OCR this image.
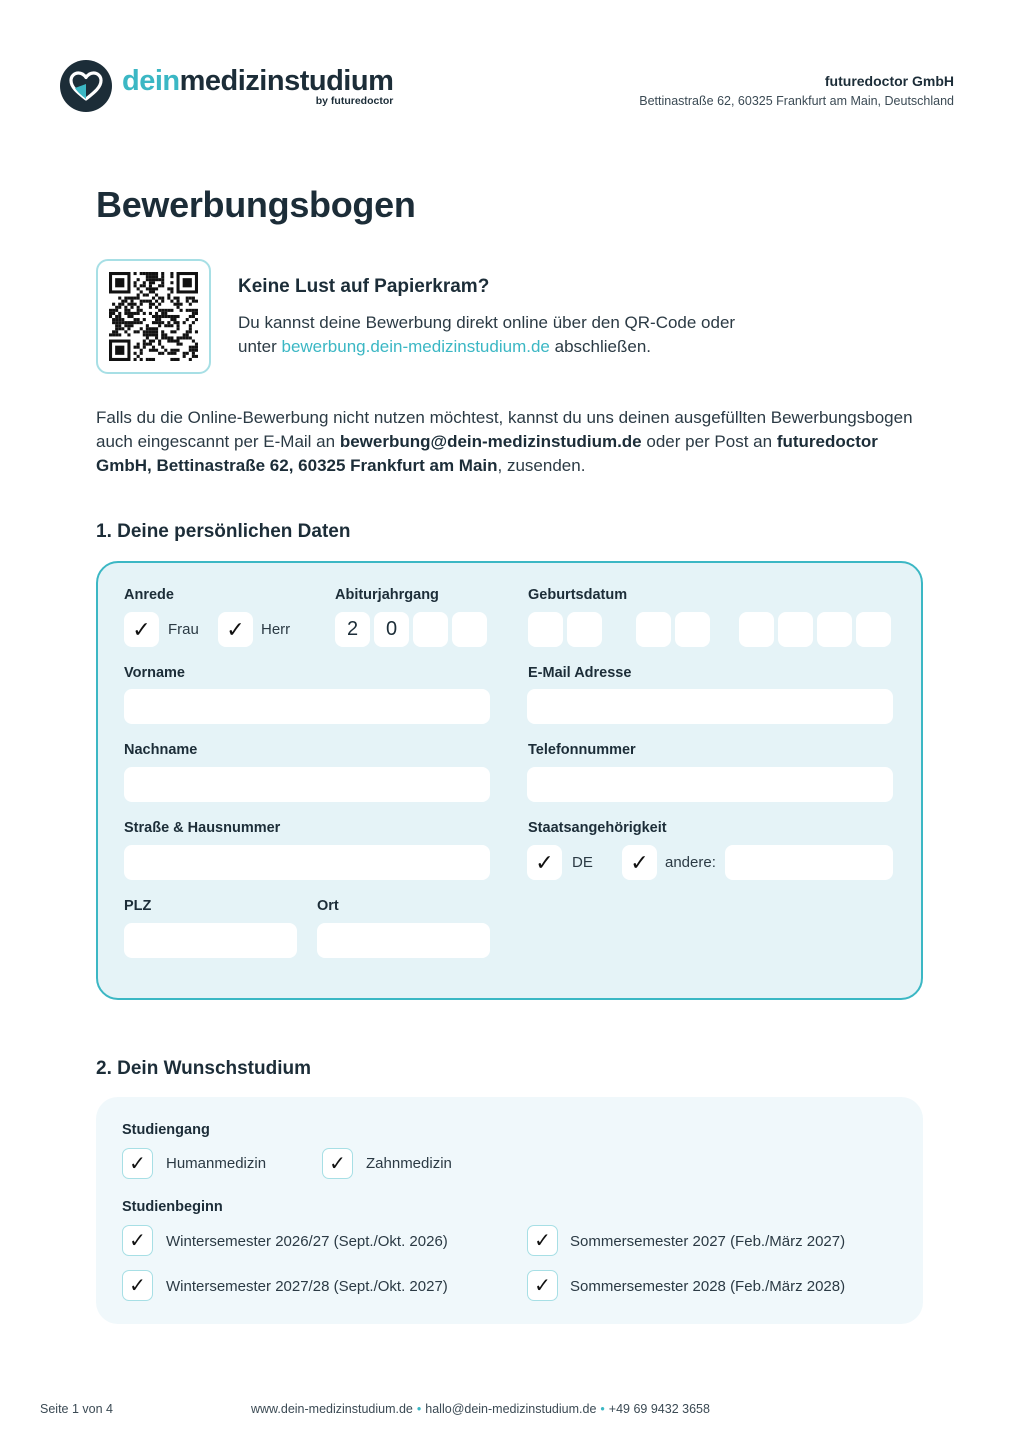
deinmedizinstudium
by futuredoctor
futuredoctor GmbH
Bettinastraße 62, 60325 Frankfurt am Main, Deutschland
Bewerbungsbogen
Keine Lust auf Papierkram?
Du kannst deine Bewerbung direkt online über den QR-Code oder
unter bewerbung.dein-medizinstudium.de abschließen.
Falls du die Online-Bewerbung nicht nutzen möchtest, kannst du uns deinen ausgefüllten Bewerbungsbogen auch eingescannt per E-Mail an bewerbung@dein-medizinstudium.de oder per Post an futuredoctor GmbH, Bettinastraße 62, 60325 Frankfurt am Main, zusenden.
1. Deine persönlichen Daten
Anrede
✓	Frau	✓	Herr
Abiturjahrgang
2	0
Geburtsdatum
Vorname	E-Mail Adresse
Nachname	Telefonnummer
Straße & Hausnummer	Staatsangehörigkeit
✓	DE	✓	andere:
PLZ	Ort
2. Dein Wunschstudium
Studiengang
✓	Humanmedizin	✓	Zahnmedizin
Studienbeginn
✓	Wintersemester 2026/27 (Sept./Okt. 2026)	✓	Sommersemester 2027 (Feb./März 2027)
✓	Wintersemester 2027/28 (Sept./Okt. 2027)	✓	Sommersemester 2028 (Feb./März 2028)
Seite 1 von 4	www.dein-medizinstudium.de • hallo@dein-medizinstudium.de • +49 69 9432 3658
